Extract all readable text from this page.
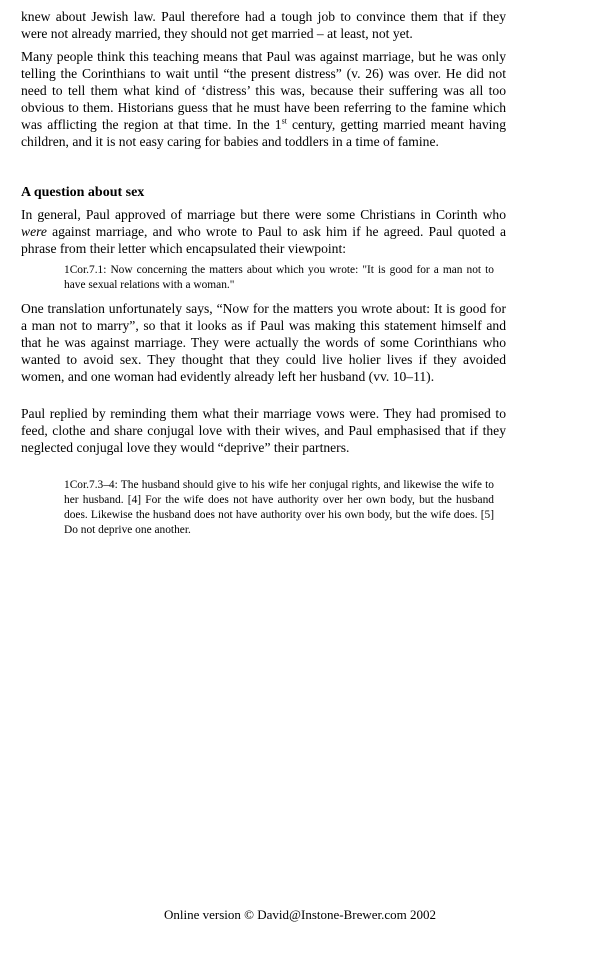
knew about Jewish law. Paul therefore had a tough job to convince them that if they were not already married, they should not get married – at least, not yet.

Many people think this teaching means that Paul was against marriage, but he was only telling the Corinthians to wait until “the present distress” (v. 26) was over. He did not need to tell them what kind of ‘distress’ this was, because their suffering was all too obvious to them. Historians guess that he must have been referring to the famine which was afflicting the region at that time. In the 1st century, getting married meant having children, and it is not easy caring for babies and toddlers in a time of famine.

A question about sex

In general, Paul approved of marriage but there were some Christians in Corinth who were against marriage, and who wrote to Paul to ask him if he agreed. Paul quoted a phrase from their letter which encapsulated their viewpoint:

1Cor.7.1: Now concerning the matters about which you wrote: "It is good for a man not to have sexual relations with a woman."

One translation unfortunately says, “Now for the matters you wrote about: It is good for a man not to marry”, so that it looks as if Paul was making this statement himself and that he was against marriage. They were actually the words of some Corinthians who wanted to avoid sex. They thought that they could live holier lives if they avoided women, and one woman had evidently already left her husband (vv. 10–11).

Paul replied by reminding them what their marriage vows were. They had promised to feed, clothe and share conjugal love with their wives, and Paul emphasised that if they neglected conjugal love they would “deprive” their partners.

1Cor.7.3–4: The husband should give to his wife her conjugal rights, and likewise the wife to her husband. [4] For the wife does not have authority over her own body, but the husband does. Likewise the husband does not have authority over his own body, but the wife does. [5] Do not deprive one another.

Online version © David@Instone-Brewer.com 2002
